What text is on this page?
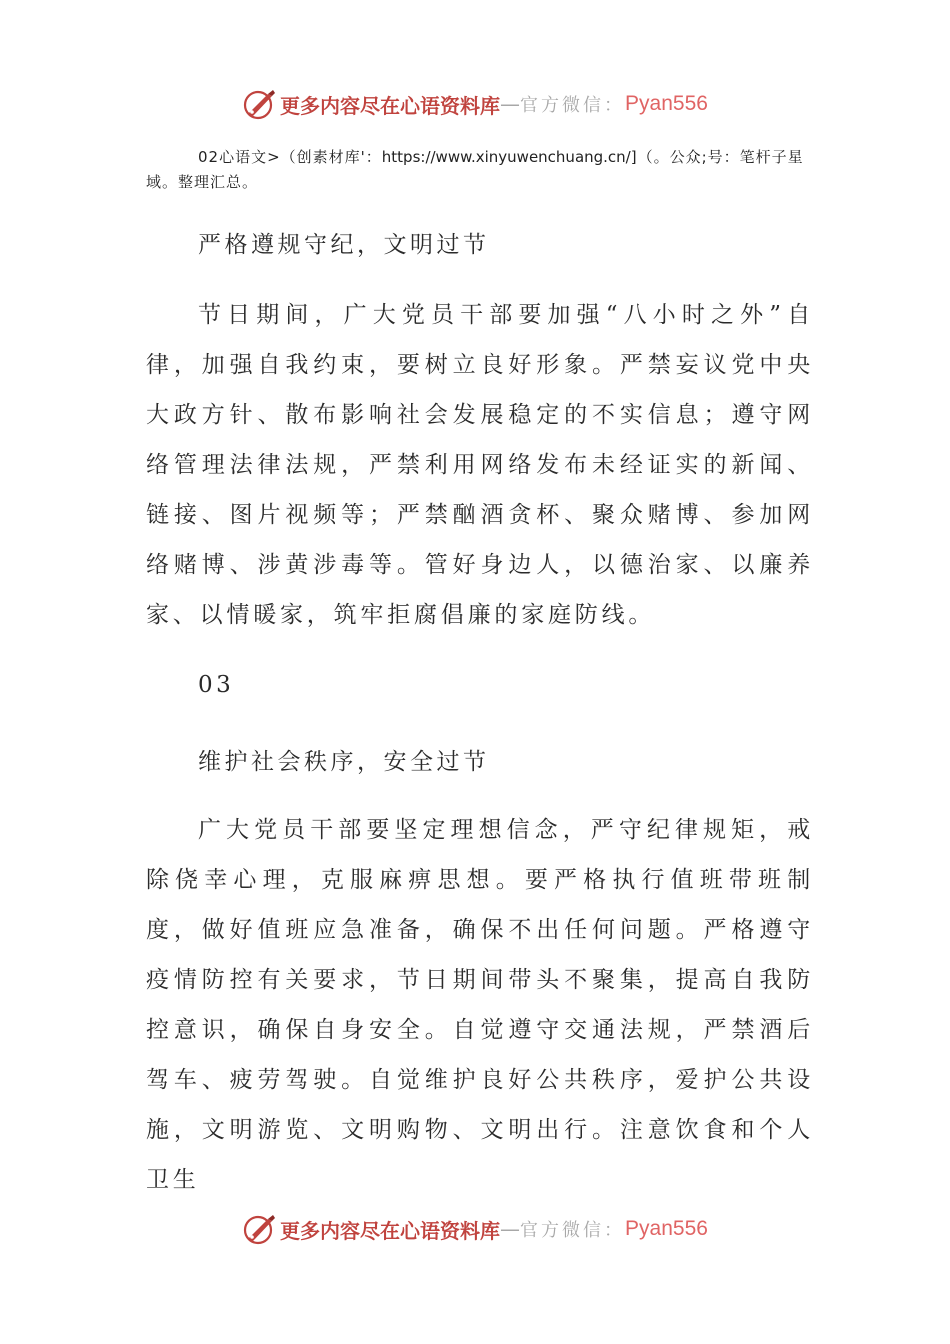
更多内容尽在心语资料库 — 官方微信： Pyan556
02心语文>（创素材库'：https://www.xinyuwenchuang.cn/]（。公众;号：笔杆子星域。整理汇总。
严格遵规守纪，文明过节
节日期间，广大党员干部要加强“八小时之外”自律，加强自我约束，要树立良好形象。严禁妄议党中央大政方针、散布影响社会发展稳定的不实信息；遵守网络管理法律法规，严禁利用网络发布未经证实的新闻、链接、图片视频等；严禁酗酒贪杯、聚众赌博、参加网络赌博、涉黄涉毒等。管好身边人，以德治家、以廉养家、以情暖家，筑牢拒腐倡廉的家庭防线。
03
维护社会秩序，安全过节
广大党员干部要坚定理想信念，严守纪律规矩，戒除侥幸心理，克服麻痹思想。要严格执行值班带班制度，做好值班应急准备，确保不出任何问题。严格遵守疫情防控有关要求，节日期间带头不聚集，提高自我防控意识，确保自身安全。自觉遵守交通法规，严禁酒后驾车、疲劳驾驶。自觉维护良好公共秩序，爱护公共设施，文明游览、文明购物、文明出行。注意饮食和个人卫生
更多内容尽在心语资料库 — 官方微信： Pyan556
